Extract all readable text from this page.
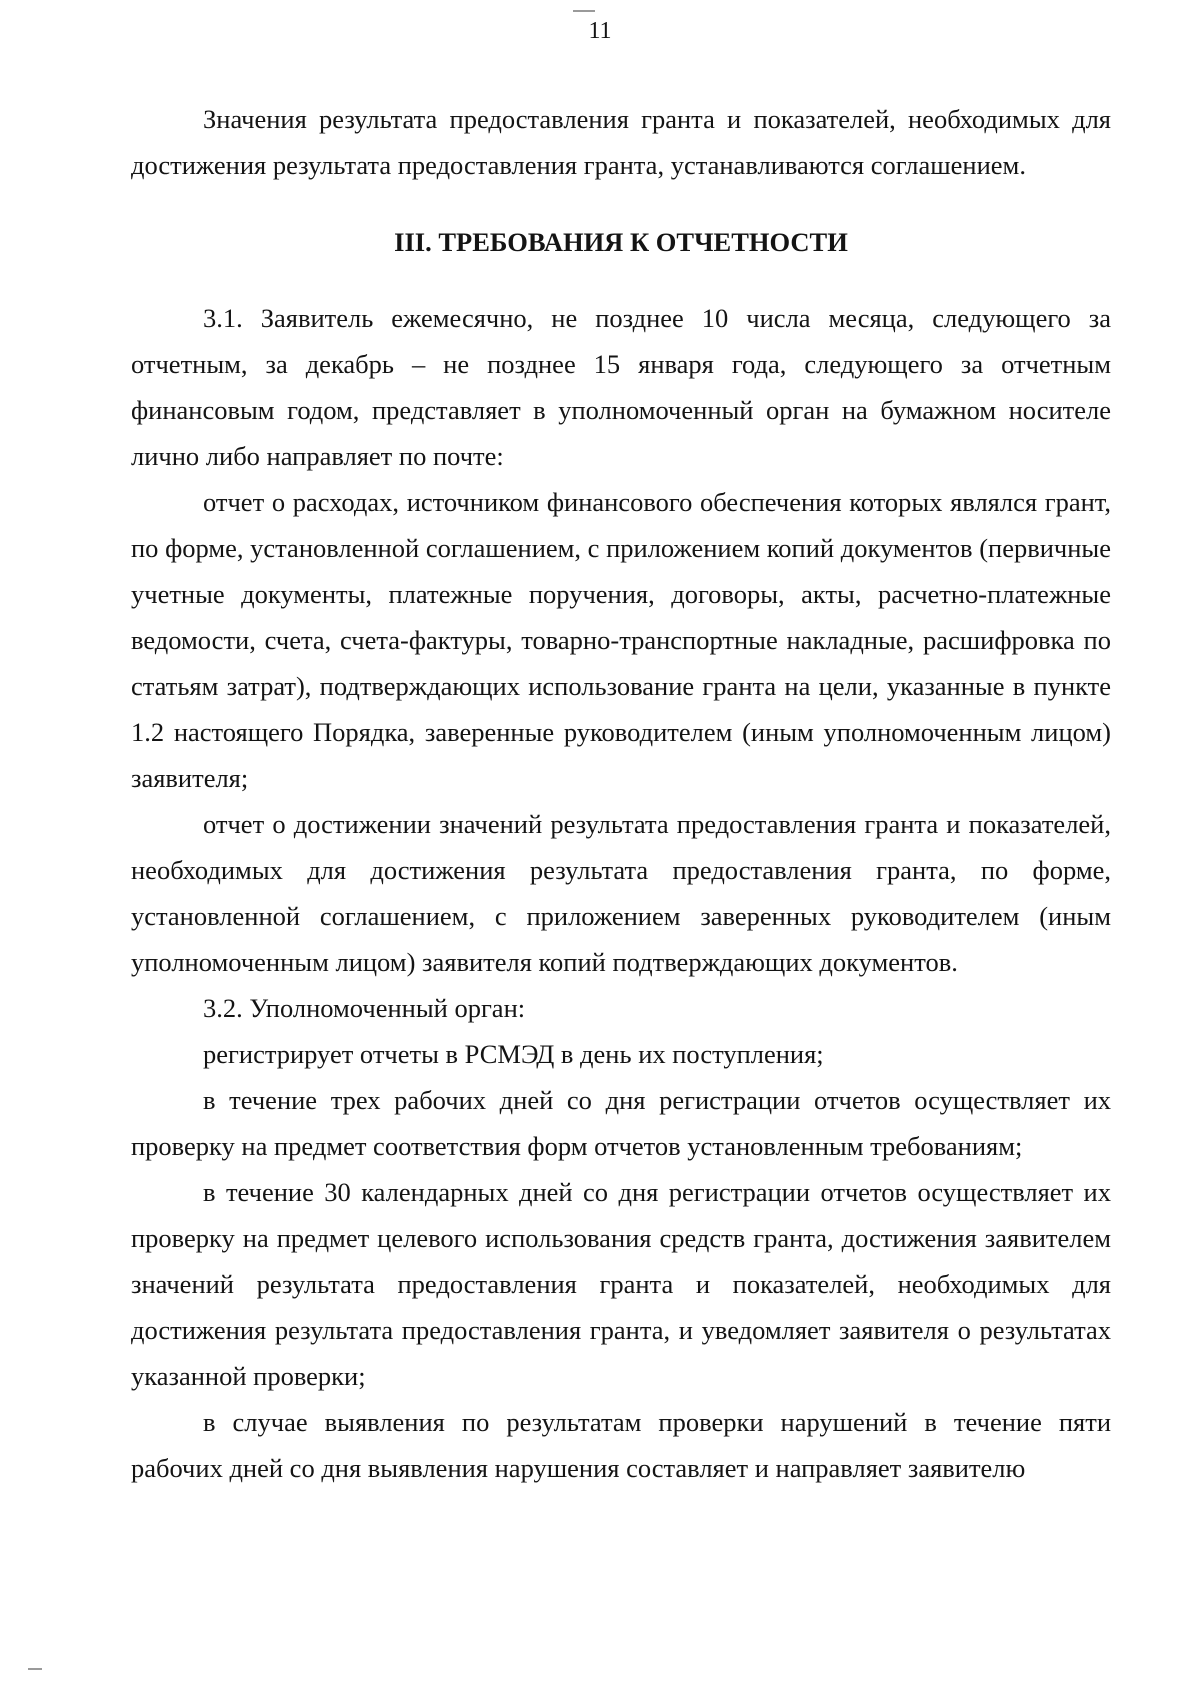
11

Значения результата предоставления гранта и показателей, необходимых для достижения результата предоставления гранта, устанавливаются соглашением.

III. ТРЕБОВАНИЯ К ОТЧЕТНОСТИ

3.1. Заявитель ежемесячно, не позднее 10 числа месяца, следующего за отчетным, за декабрь – не позднее 15 января года, следующего за отчетным финансовым годом, представляет в уполномоченный орган на бумажном носителе лично либо направляет по почте:

отчет о расходах, источником финансового обеспечения которых являлся грант, по форме, установленной соглашением, с приложением копий документов (первичные учетные документы, платежные поручения, договоры, акты, расчетно-платежные ведомости, счета, счета-фактуры, товарно-транспортные накладные, расшифровка по статьям затрат), подтверждающих использование гранта на цели, указанные в пункте 1.2 настоящего Порядка, заверенные руководителем (иным уполномоченным лицом) заявителя;

отчет о достижении значений результата предоставления гранта и показателей, необходимых для достижения результата предоставления гранта, по форме, установленной соглашением, с приложением заверенных руководителем (иным уполномоченным лицом) заявителя копий подтверждающих документов.

3.2. Уполномоченный орган:

регистрирует отчеты в РСМЭД в день их поступления;

в течение трех рабочих дней со дня регистрации отчетов осуществляет их проверку на предмет соответствия форм отчетов установленным требованиям;

в течение 30 календарных дней со дня регистрации отчетов осуществляет их проверку на предмет целевого использования средств гранта, достижения заявителем значений результата предоставления гранта и показателей, необходимых для достижения результата предоставления гранта, и уведомляет заявителя о результатах указанной проверки;

в случае выявления по результатам проверки нарушений в течение пяти рабочих дней со дня выявления нарушения составляет и направляет заявителю
